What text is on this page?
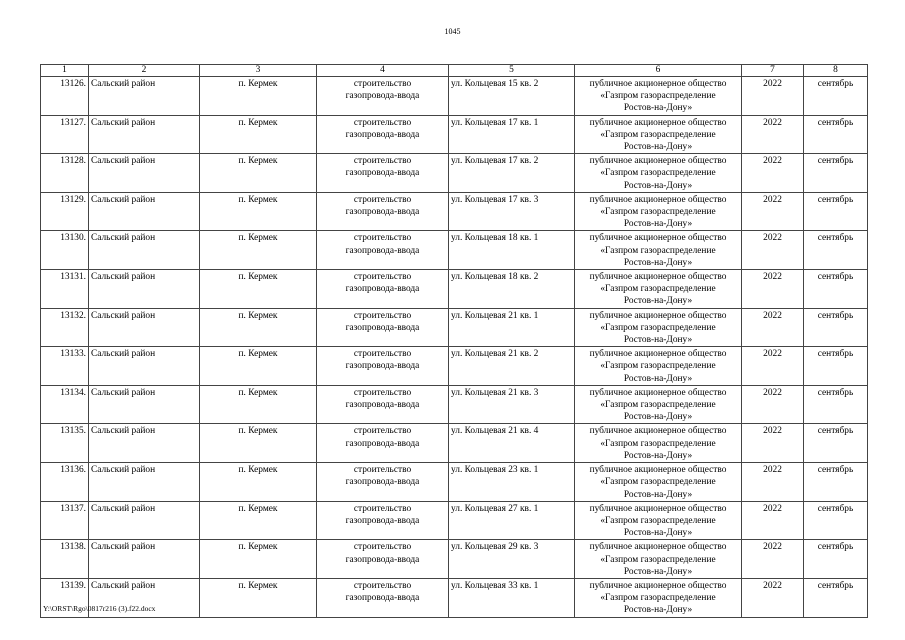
1045
1	2	3	4	5	6	7	8
13126.	Сальский район	п. Кермек	строительство
газопровода-ввода	ул. Кольцевая 15 кв. 2	публичное акционерное общество
«Газпром газораспределение
Ростов-на-Дону»	2022	сентябрь
13127.	Сальский район	п. Кермек	строительство
газопровода-ввода	ул. Кольцевая 17 кв. 1	публичное акционерное общество
«Газпром газораспределение
Ростов-на-Дону»	2022	сентябрь
13128.	Сальский район	п. Кермек	строительство
газопровода-ввода	ул. Кольцевая 17 кв. 2	публичное акционерное общество
«Газпром газораспределение
Ростов-на-Дону»	2022	сентябрь
13129.	Сальский район	п. Кермек	строительство
газопровода-ввода	ул. Кольцевая 17 кв. 3	публичное акционерное общество
«Газпром газораспределение
Ростов-на-Дону»	2022	сентябрь
13130.	Сальский район	п. Кермек	строительство
газопровода-ввода	ул. Кольцевая 18 кв. 1	публичное акционерное общество
«Газпром газораспределение
Ростов-на-Дону»	2022	сентябрь
13131.	Сальский район	п. Кермек	строительство
газопровода-ввода	ул. Кольцевая 18 кв. 2	публичное акционерное общество
«Газпром газораспределение
Ростов-на-Дону»	2022	сентябрь
13132.	Сальский район	п. Кермек	строительство
газопровода-ввода	ул. Кольцевая 21 кв. 1	публичное акционерное общество
«Газпром газораспределение
Ростов-на-Дону»	2022	сентябрь
13133.	Сальский район	п. Кермек	строительство
газопровода-ввода	ул. Кольцевая 21 кв. 2	публичное акционерное общество
«Газпром газораспределение
Ростов-на-Дону»	2022	сентябрь
13134.	Сальский район	п. Кермек	строительство
газопровода-ввода	ул. Кольцевая 21 кв. 3	публичное акционерное общество
«Газпром газораспределение
Ростов-на-Дону»	2022	сентябрь
13135.	Сальский район	п. Кермек	строительство
газопровода-ввода	ул. Кольцевая 21 кв. 4	публичное акционерное общество
«Газпром газораспределение
Ростов-на-Дону»	2022	сентябрь
13136.	Сальский район	п. Кермек	строительство
газопровода-ввода	ул. Кольцевая 23 кв. 1	публичное акционерное общество
«Газпром газораспределение
Ростов-на-Дону»	2022	сентябрь
13137.	Сальский район	п. Кермек	строительство
газопровода-ввода	ул. Кольцевая 27 кв. 1	публичное акционерное общество
«Газпром газораспределение
Ростов-на-Дону»	2022	сентябрь
13138.	Сальский район	п. Кермек	строительство
газопровода-ввода	ул. Кольцевая 29 кв. 3	публичное акционерное общество
«Газпром газораспределение
Ростов-на-Дону»	2022	сентябрь
13139.	Сальский район	п. Кермек	строительство
газопровода-ввода	ул. Кольцевая 33 кв. 1	публичное акционерное общество
«Газпром газораспределение
Ростов-на-Дону»	2022	сентябрь
Y:\ORST\Rgo\0817r216 (3).f22.docx
